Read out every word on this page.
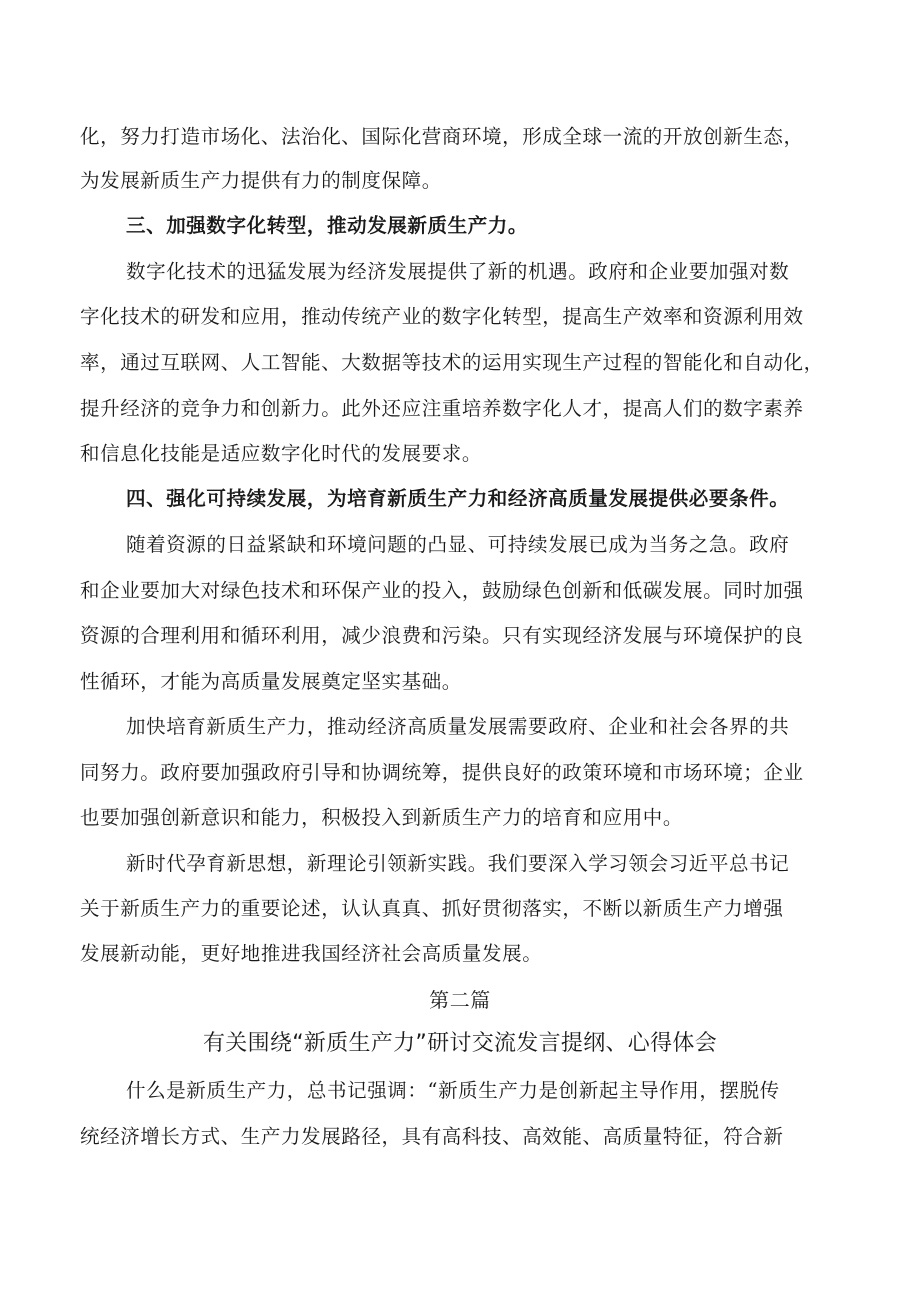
化，努力打造市场化、法治化、国际化营商环境，形成全球一流的开放创新生态，

为发展新质生产力提供有力的制度保障。

三、加强数字化转型，推动发展新质生产力。

数字化技术的迅猛发展为经济发展提供了新的机遇。政府和企业要加强对数

字化技术的研发和应用，推动传统产业的数字化转型，提高生产效率和资源利用效

率，通过互联网、人工智能、大数据等技术的运用实现生产过程的智能化和自动化，

提升经济的竞争力和创新力。此外还应注重培养数字化人才，提高人们的数字素养

和信息化技能是适应数字化时代的发展要求。

四、强化可持续发展，为培育新质生产力和经济高质量发展提供必要条件。

随着资源的日益紧缺和环境问题的凸显、可持续发展已成为当务之急。政府

和企业要加大对绿色技术和环保产业的投入，鼓励绿色创新和低碳发展。同时加强

资源的合理利用和循环利用，减少浪费和污染。只有实现经济发展与环境保护的良

性循环，才能为高质量发展奠定坚实基础。

加快培育新质生产力，推动经济高质量发展需要政府、企业和社会各界的共

同努力。政府要加强政府引导和协调统筹，提供良好的政策环境和市场环境；企业

也要加强创新意识和能力，积极投入到新质生产力的培育和应用中。

新时代孕育新思想，新理论引领新实践。我们要深入学习领会习近平总书记

关于新质生产力的重要论述，认认真真、抓好贯彻落实，不断以新质生产力增强

发展新动能，更好地推进我国经济社会高质量发展。

第二篇

有关围绕“新质生产力”研讨交流发言提纲、心得体会

什么是新质生产力，总书记强调：“新质生产力是创新起主导作用，摆脱传

统经济增长方式、生产力发展路径，具有高科技、高效能、高质量特征，符合新
